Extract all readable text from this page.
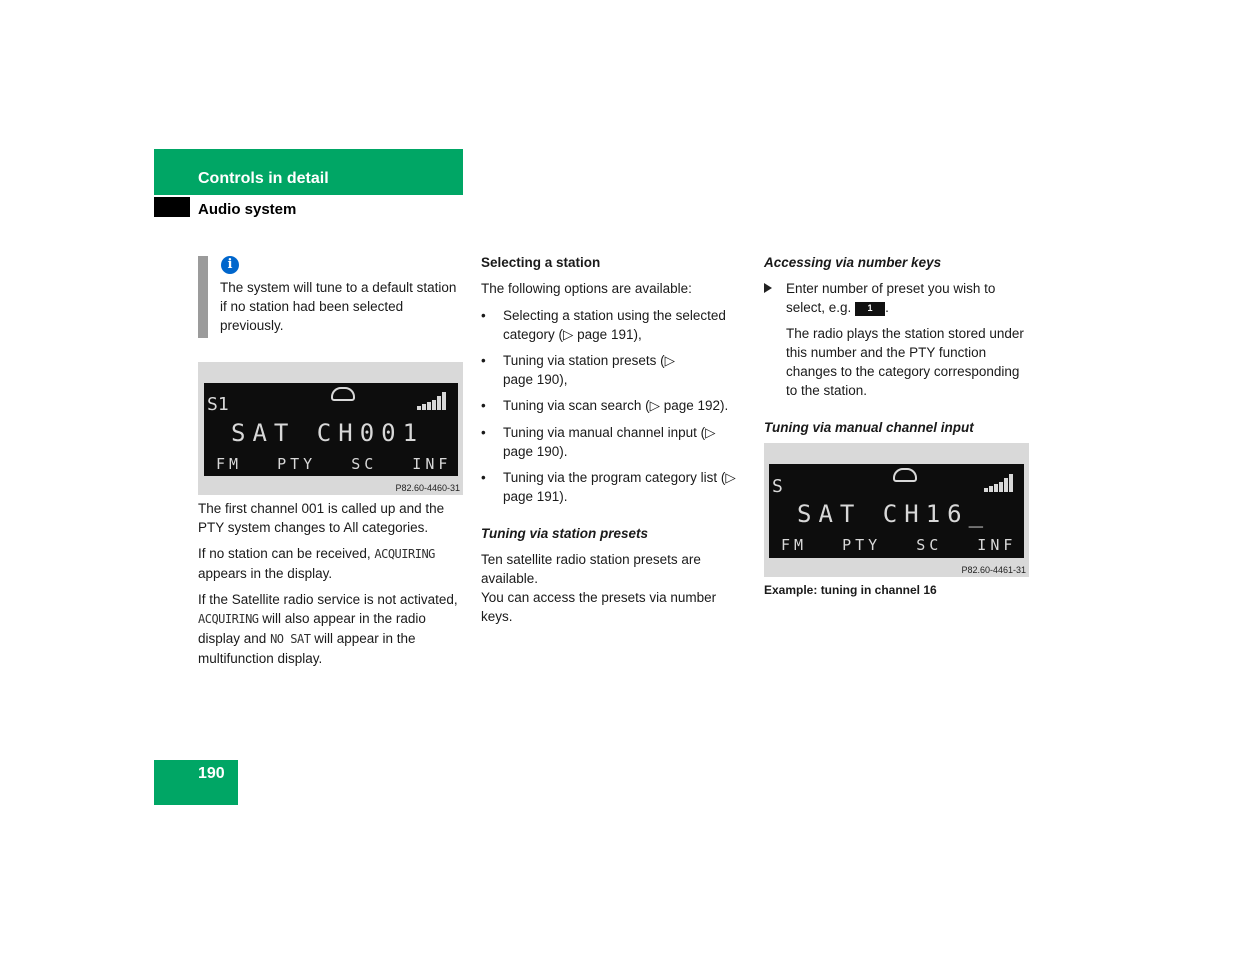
Controls in detail
Audio system
i
The system will tune to a default station if no station had been selected previously.
S1
SAT CH001
FM PTY SC INF
P82.60-4460-31
The first channel 001 is called up and the PTY system changes to All categories.
If no station can be received, ACQUIRING appears in the display.
If the Satellite radio service is not activated, ACQUIRING will also appear in the radio display and NO SAT will appear in the multifunction display.
Selecting a station
The following options are available:
• Selecting a station using the selected category (▷ page 191),
• Tuning via station presets (▷ page 190),
• Tuning via scan search (▷ page 192).
• Tuning via manual channel input (▷ page 190).
• Tuning via the program category list (▷ page 191).
Tuning via station presets
Ten satellite radio station presets are available.
You can access the presets via number keys.
Accessing via number keys
Enter number of preset you wish to select, e.g. 1 .
The radio plays the station stored under this number and the PTY function changes to the category corresponding to the station.
Tuning via manual channel input
S
SAT CH16_
FM PTY SC INF
P82.60-4461-31
Example: tuning in channel 16
190
